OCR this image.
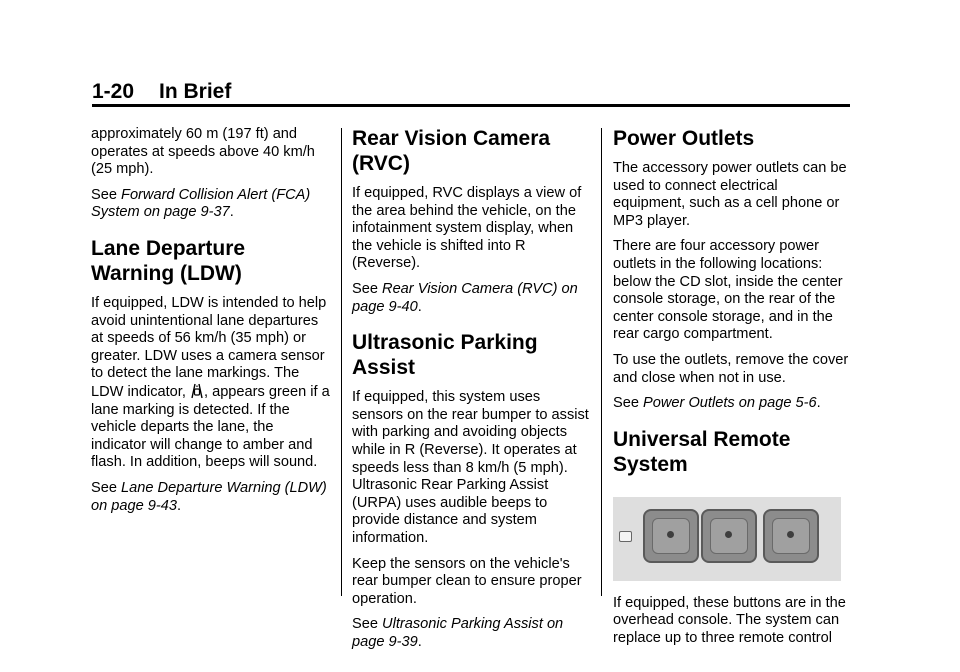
1-20 In Brief

approximately 60 m (197 ft) and operates at speeds above 40 km/h (25 mph).

See Forward Collision Alert (FCA) System on page 9-37.

Lane Departure Warning (LDW)

If equipped, LDW is intended to help avoid unintentional lane departures at speeds of 56 km/h (35 mph) or greater. LDW uses a camera sensor to detect the lane markings. The LDW indicator, , appears green if a lane marking is detected. If the vehicle departs the lane, the indicator will change to amber and flash. In addition, beeps will sound.

See Lane Departure Warning (LDW) on page 9-43.

Rear Vision Camera (RVC)

If equipped, RVC displays a view of the area behind the vehicle, on the infotainment system display, when the vehicle is shifted into R (Reverse).

See Rear Vision Camera (RVC) on page 9-40.

Ultrasonic Parking Assist

If equipped, this system uses sensors on the rear bumper to assist with parking and avoiding objects while in R (Reverse). It operates at speeds less than 8 km/h (5 mph). Ultrasonic Rear Parking Assist (URPA) uses audible beeps to provide distance and system information.

Keep the sensors on the vehicle's rear bumper clean to ensure proper operation.

See Ultrasonic Parking Assist on page 9-39.

Power Outlets

The accessory power outlets can be used to connect electrical equipment, such as a cell phone or MP3 player.

There are four accessory power outlets in the following locations: below the CD slot, inside the center console storage, on the rear of the center console storage, and in the rear cargo compartment.

To use the outlets, remove the cover and close when not in use.

See Power Outlets on page 5-6.

Universal Remote System

If equipped, these buttons are in the overhead console. The system can replace up to three remote control
